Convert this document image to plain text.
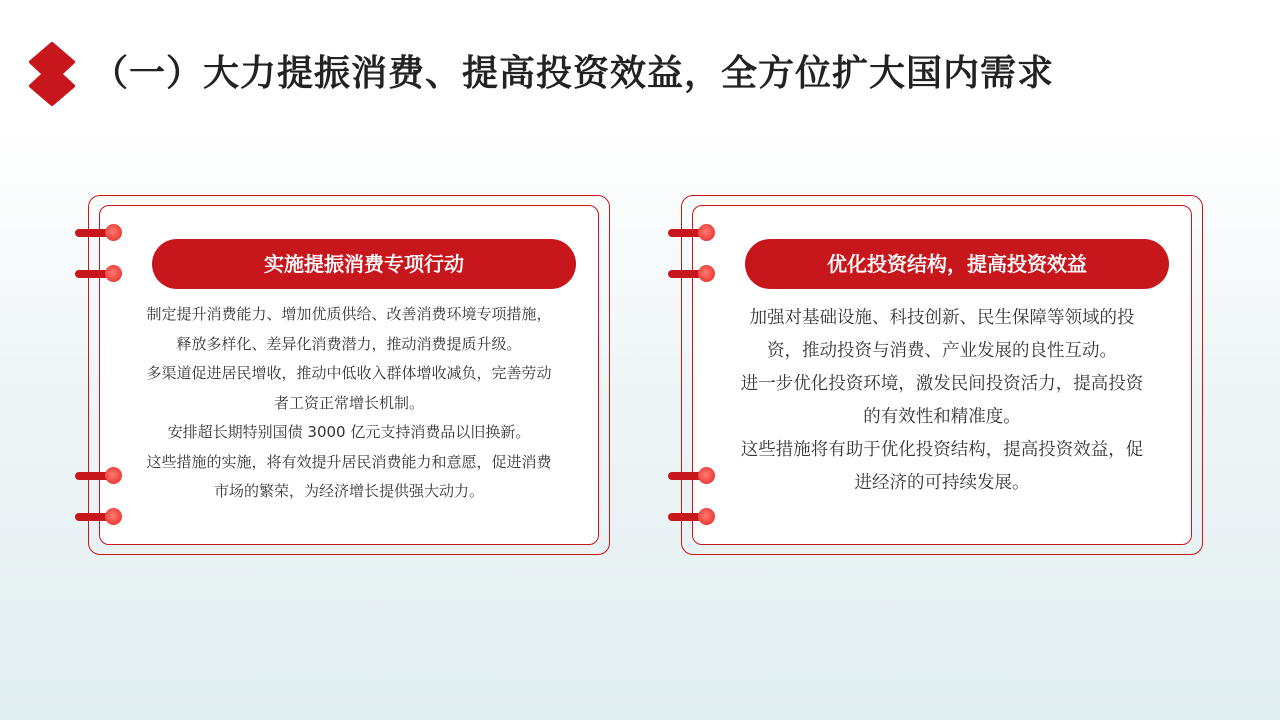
（一）大力提振消费、提高投资效益，全方位扩大国内需求
实施提振消费专项行动

制定提升消费能力、增加优质供给、改善消费环境专项措施，释放多样化、差异化消费潜力，推动消费提质升级。

多渠道促进居民增收，推动中低收入群体增收减负，完善劳动者工资正常增长机制。

安排超长期特别国债 3000 亿元支持消费品以旧换新。

这些措施的实施，将有效提升居民消费能力和意愿，促进消费市场的繁荣，为经济增长提供强大动力。

优化投资结构，提高投资效益

加强对基础设施、科技创新、民生保障等领域的投资，推动投资与消费、产业发展的良性互动。

进一步优化投资环境，激发民间投资活力，提高投资的有效性和精准度。

这些措施将有助于优化投资结构，提高投资效益，促进经济的可持续发展。
